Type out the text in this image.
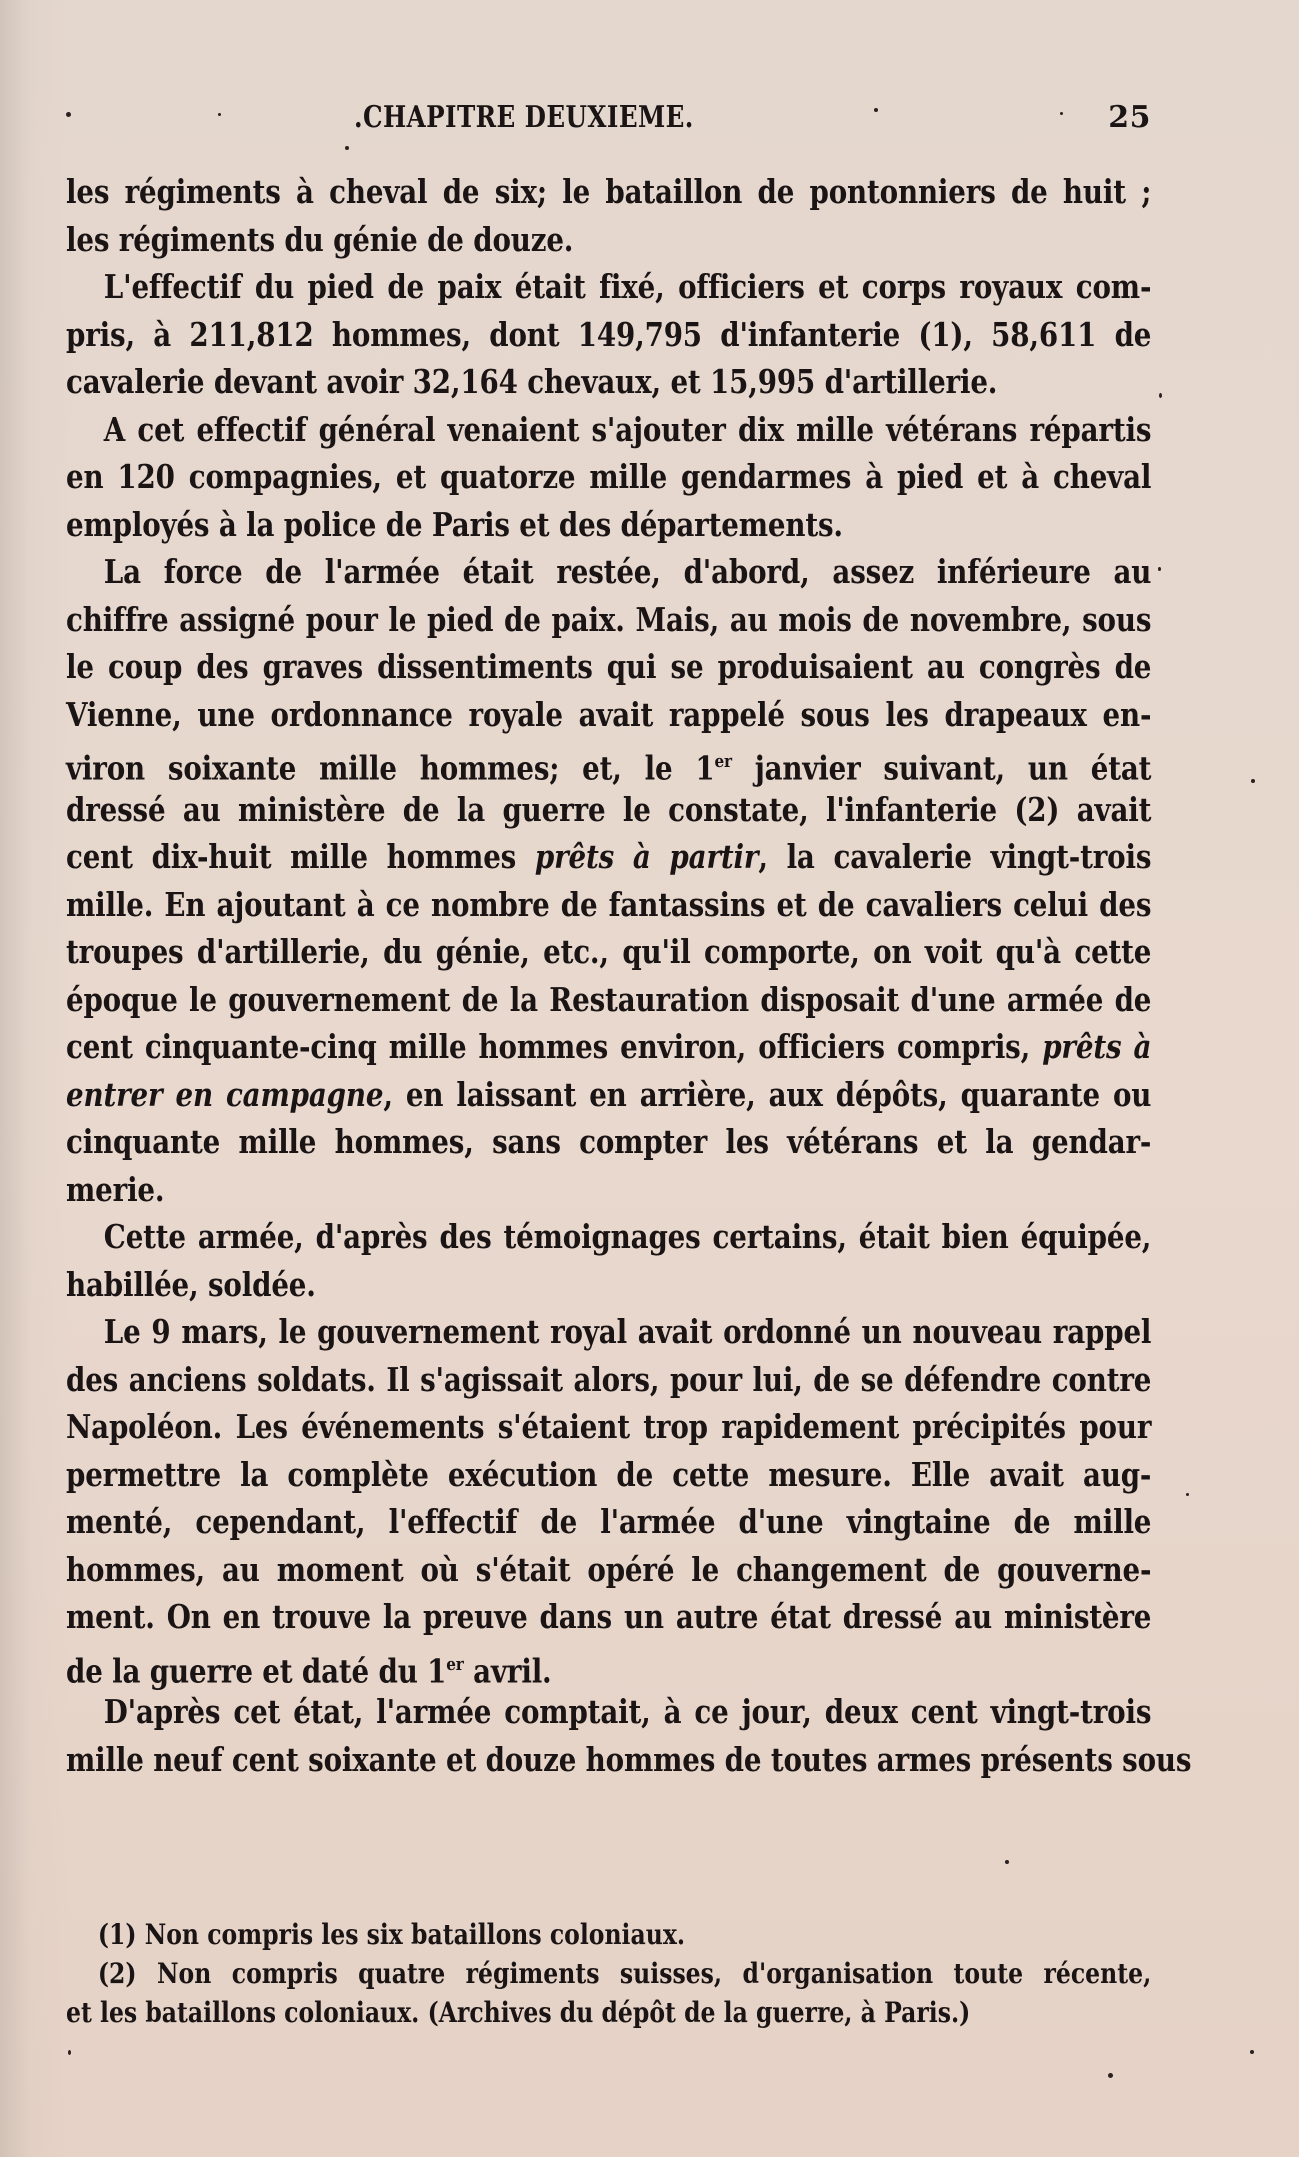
.CHAPITRE DEUXIEME.	25
les régiments à cheval de six; le bataillon de pontonniers de huit ;
les régiments du génie de douze.
L'effectif du pied de paix était fixé, officiers et corps royaux com-
pris, à 211,812 hommes, dont 149,795 d'infanterie (1), 58,611 de
cavalerie devant avoir 32,164 chevaux, et 15,995 d'artillerie.
A cet effectif général venaient s'ajouter dix mille vétérans répartis
en 120 compagnies, et quatorze mille gendarmes à pied et à cheval
employés à la police de Paris et des départements.
La force de l'armée était restée, d'abord, assez inférieure au
chiffre assigné pour le pied de paix. Mais, au mois de novembre, sous
le coup des graves dissentiments qui se produisaient au congrès de
Vienne, une ordonnance royale avait rappelé sous les drapeaux en-
viron soixante mille hommes; et, le 1er janvier suivant, un état
dressé au ministère de la guerre le constate, l'infanterie (2) avait
cent dix-huit mille hommes prêts à partir, la cavalerie vingt-trois
mille. En ajoutant à ce nombre de fantassins et de cavaliers celui des
troupes d'artillerie, du génie, etc., qu'il comporte, on voit qu'à cette
époque le gouvernement de la Restauration disposait d'une armée de
cent cinquante-cinq mille hommes environ, officiers compris, prêts à
entrer en campagne, en laissant en arrière, aux dépôts, quarante ou
cinquante mille hommes, sans compter les vétérans et la gendar-
merie.
Cette armée, d'après des témoignages certains, était bien équipée,
habillée, soldée.
Le 9 mars, le gouvernement royal avait ordonné un nouveau rappel
des anciens soldats. Il s'agissait alors, pour lui, de se défendre contre
Napoléon. Les événements s'étaient trop rapidement précipités pour
permettre la complète exécution de cette mesure. Elle avait aug-
menté, cependant, l'effectif de l'armée d'une vingtaine de mille
hommes, au moment où s'était opéré le changement de gouverne-
ment. On en trouve la preuve dans un autre état dressé au ministère
de la guerre et daté du 1er avril.
D'après cet état, l'armée comptait, à ce jour, deux cent vingt-trois
mille neuf cent soixante et douze hommes de toutes armes présents sous
(1) Non compris les six bataillons coloniaux.
(2) Non compris quatre régiments suisses, d'organisation toute récente,
et les bataillons coloniaux. (Archives du dépôt de la guerre, à Paris.)
